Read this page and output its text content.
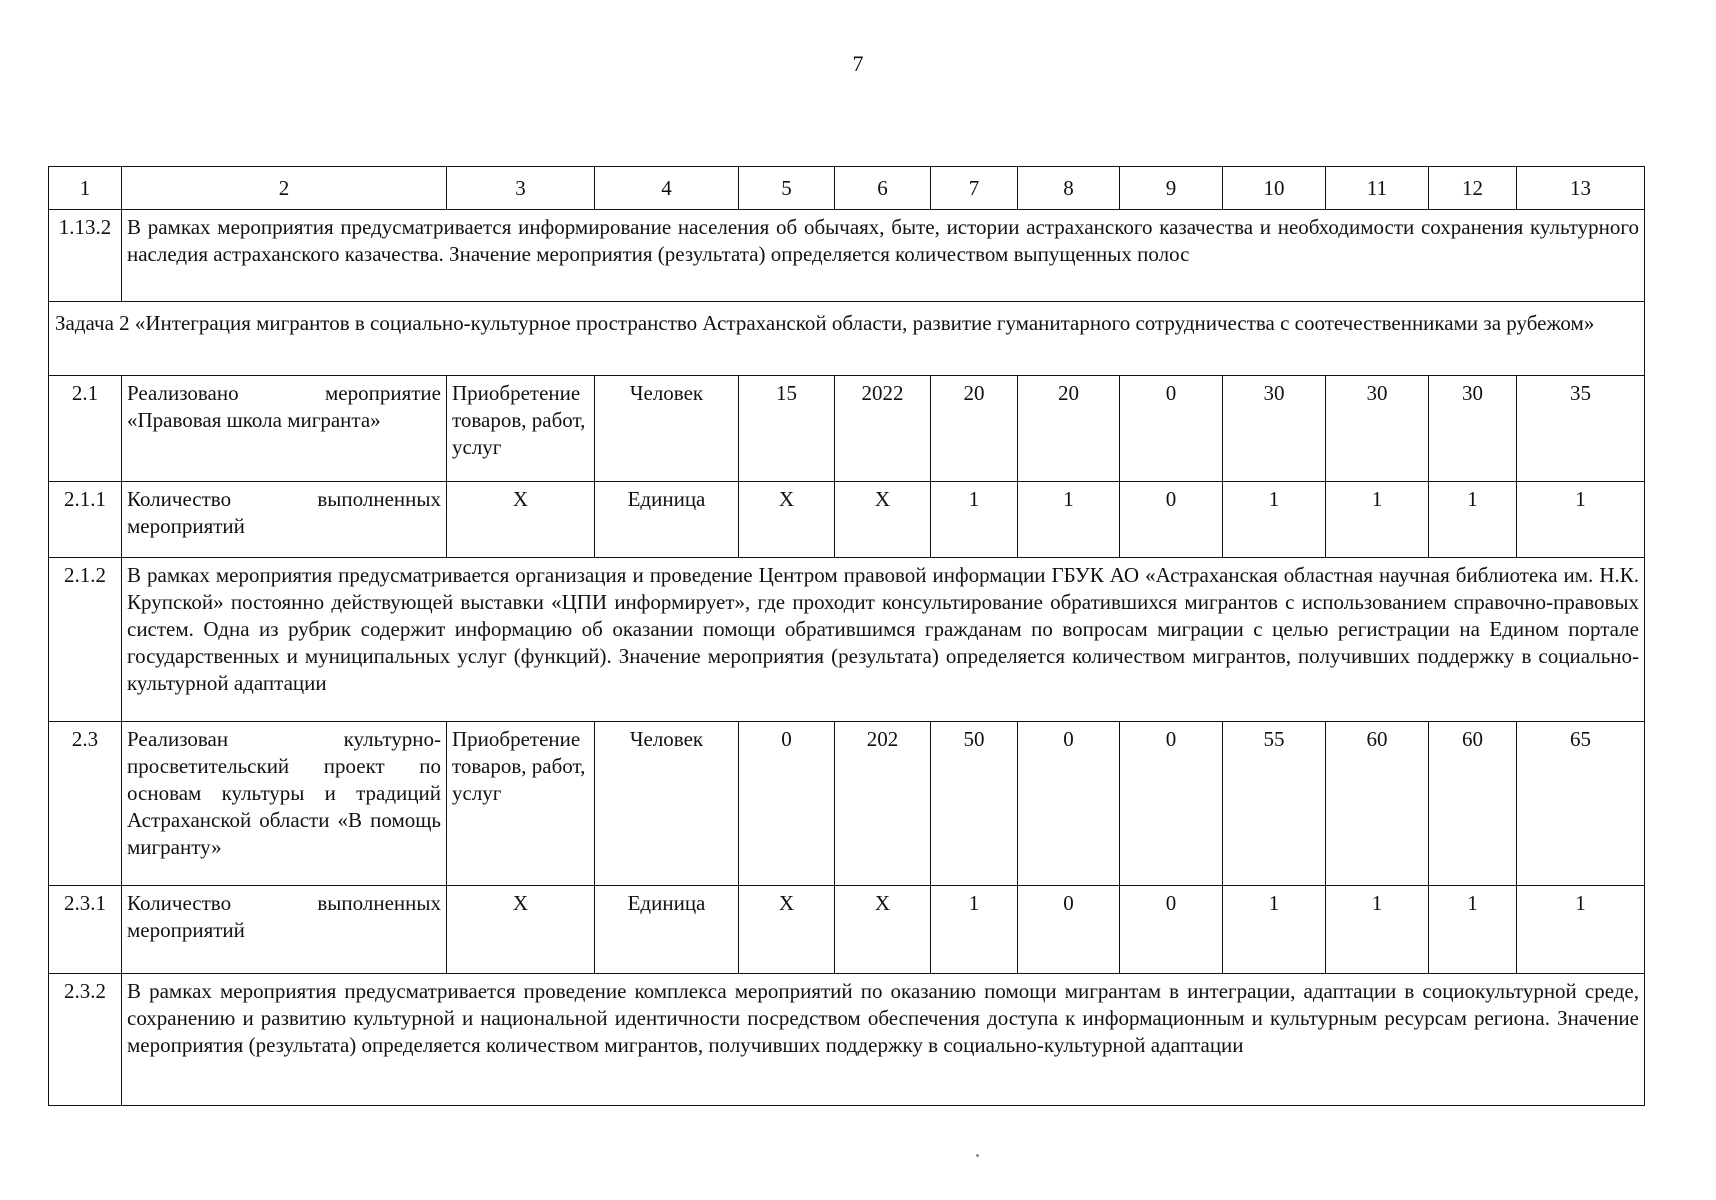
7
1	2	3	4	5	6	7	8	9	10	11	12	13
1.13.2	В рамках мероприятия предусматривается информирование населения об обычаях, быте, истории астраханского казачества и необходимости сохранения культурного наследия астраханского казачества. Значение мероприятия (результата) определяется количеством выпущенных полос											
Задача 2 «Интеграция мигрантов в социально-культурное пространство Астраханской области, развитие гуманитарного сотрудничества с соотечественниками за рубежом»												
2.1	Реализовано мероприятие «Правовая школа мигранта»	Приобретение товаров, работ, услуг	Человек	15	2022	20	20	0	30	30	30	35
2.1.1	Количество выполненных мероприятий	Х	Единица	Х	Х	1	1	0	1	1	1	1
2.1.2	В рамках мероприятия предусматривается организация и проведение Центром правовой информации ГБУК АО «Астраханская областная научная библиотека им. Н.К. Крупской» постоянно действующей выставки «ЦПИ информирует», где проходит консультирование обратившихся мигрантов с использованием справочно-правовых систем. Одна из рубрик содержит информацию об оказании помощи обратившимся гражданам по вопросам миграции с целью регистрации на Едином портале государственных и муниципальных услуг (функций). Значение мероприятия (результата) определяется количеством мигрантов, получивших поддержку в социально-культурной адаптации											
2.3	Реализован культурно-просветительский проект по основам культуры и традиций Астраханской области «В помощь мигранту»	Приобретение товаров, работ, услуг	Человек	0	202	50	0	0	55	60	60	65
2.3.1	Количество выполненных мероприятий	Х	Единица	Х	Х	1	0	0	1	1	1	1
2.3.2	В рамках мероприятия предусматривается проведение комплекса мероприятий по оказанию помощи мигрантам в интеграции, адаптации в социокультурной среде, сохранению и развитию культурной и национальной идентичности посредством обеспечения доступа к информационным и культурным ресурсам региона. Значение мероприятия (результата) определяется количеством мигрантов, получивших поддержку в социально-культурной адаптации											
